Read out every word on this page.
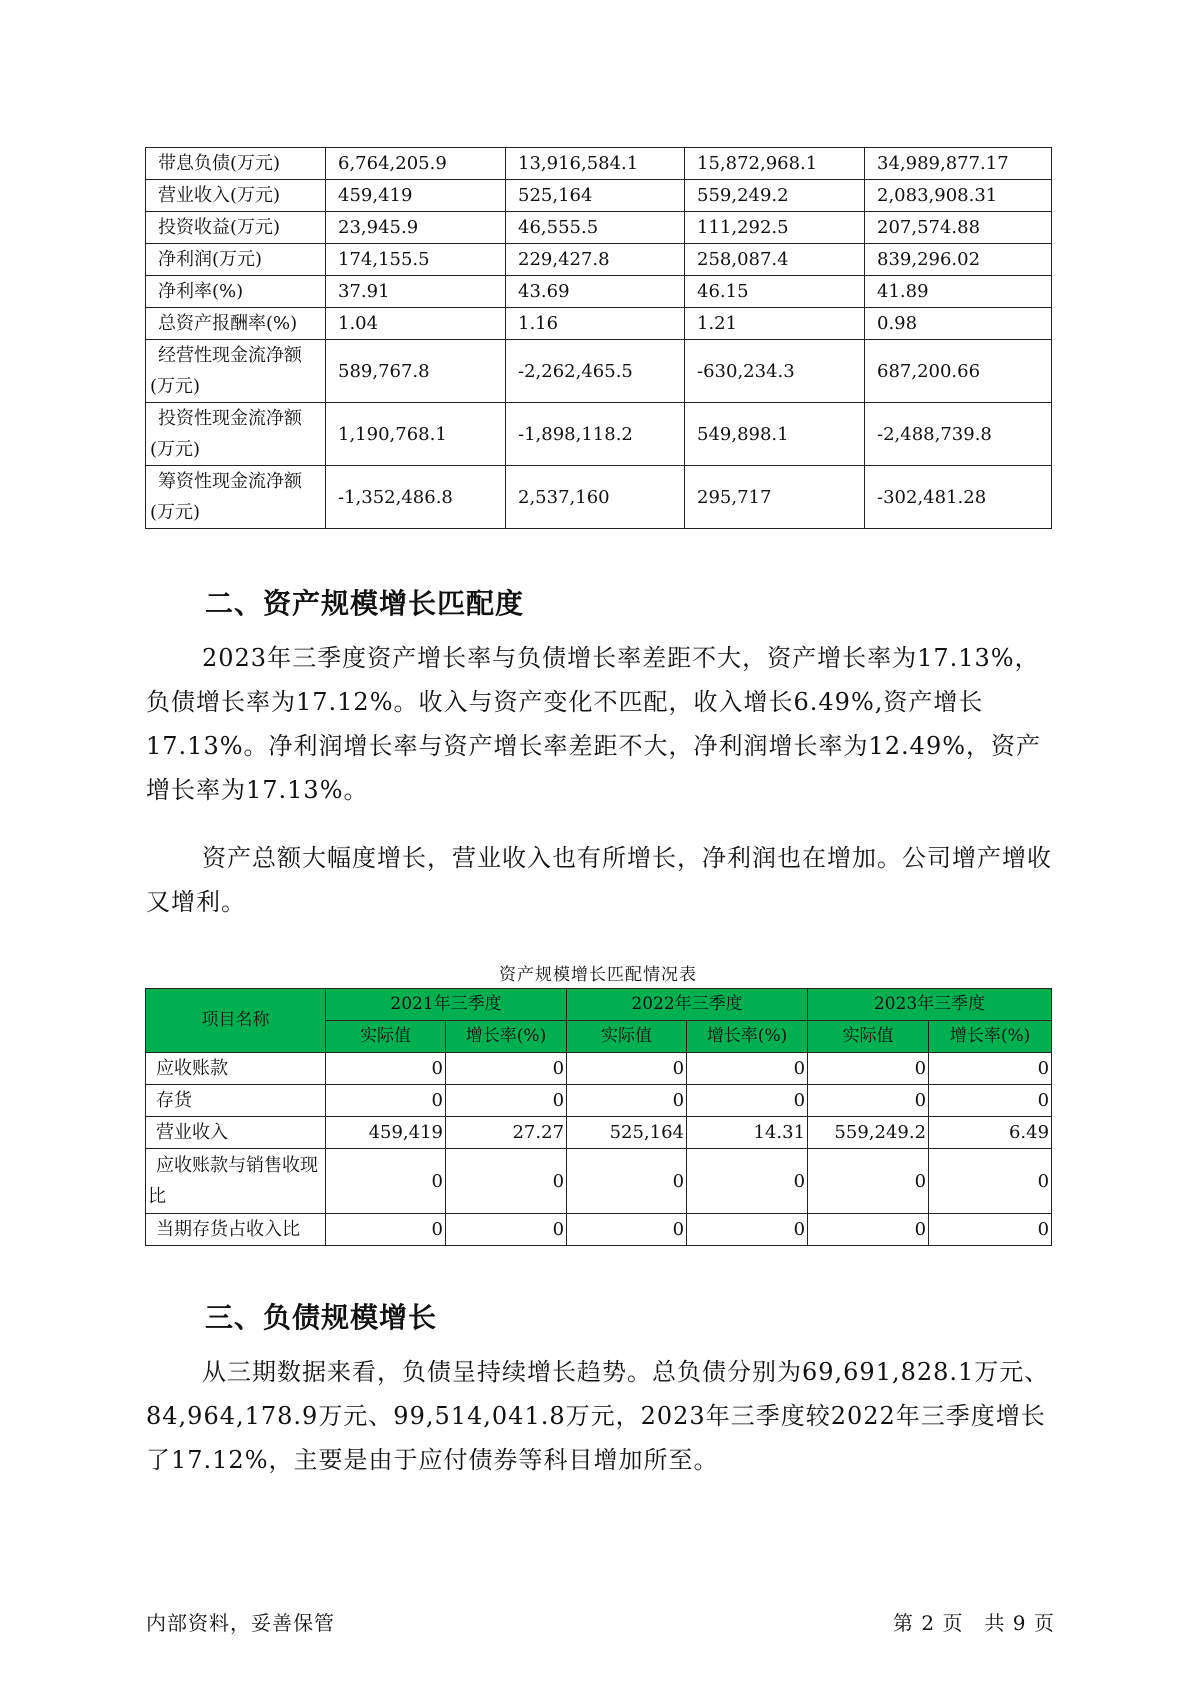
带息负债(万元)	6,764,205.9	13,916,584.1	15,872,968.1	34,989,877.17
营业收入(万元)	459,419	525,164	559,249.2	2,083,908.31
投资收益(万元)	23,945.9	46,555.5	111,292.5	207,574.88
净利润(万元)	174,155.5	229,427.8	258,087.4	839,296.02
净利率(%)	37.91	43.69	46.15	41.89
总资产报酬率(%)	1.04	1.16	1.21	0.98
经营性现金流净额(万元)	589,767.8	-2,262,465.5	-630,234.3	687,200.66
投资性现金流净额(万元)	1,190,768.1	-1,898,118.2	549,898.1	-2,488,739.8
筹资性现金流净额(万元)	-1,352,486.8	2,537,160	295,717	-302,481.28
二、资产规模增长匹配度

2023年三季度资产增长率与负债增长率差距不大，资产增长率为17.13%，负债增长率为17.12%。收入与资产变化不匹配，收入增长6.49%,资产增长17.13%。净利润增长率与资产增长率差距不大，净利润增长率为12.49%，资产增长率为17.13%。

资产总额大幅度增长，营业收入也有所增长，净利润也在增加。公司增产增收又增利。

资产规模增长匹配情况表
项目名称	2021年三季度		2022年三季度		2023年三季度	
	实际值	增长率(%)	实际值	增长率(%)	实际值	增长率(%)
应收账款	0	0	0	0	0	0
存货	0	0	0	0	0	0
营业收入	459,419	27.27	525,164	14.31	559,249.2	6.49
应收账款与销售收现比	0	0	0	0	0	0
当期存货占收入比	0	0	0	0	0	0
三、负债规模增长

从三期数据来看，负债呈持续增长趋势。总负债分别为69,691,828.1万元、84,964,178.9万元、99,514,041.8万元，2023年三季度较2022年三季度增长了17.12%，主要是由于应付债券等科目增加所至。

内部资料，妥善保管	第 2 页　共 9 页
